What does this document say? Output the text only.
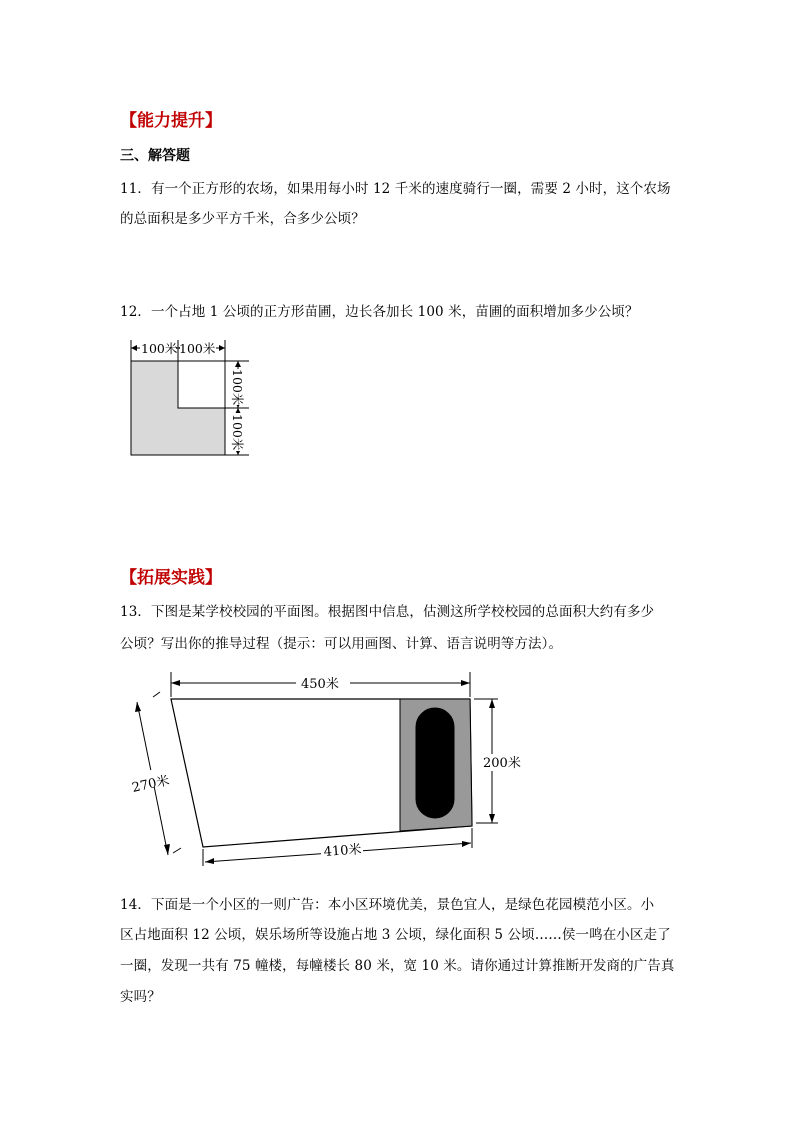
【能力提升】
三、解答题
11．有一个正方形的农场，如果用每小时 12 千米的速度骑行一圈，需要 2 小时，这个农场
的总面积是多少平方千米，合多少公顷？
12．一个占地 1 公顷的正方形苗圃，边长各加长 100 米，苗圃的面积增加多少公顷？
100米 100米
100米
100米
【拓展实践】
13．下图是某学校校园的平面图。根据图中信息，估测这所学校校园的总面积大约有多少
公顷？写出你的推导过程（提示：可以用画图、计算、语言说明等方法）。
450米
200米
270米
410米
14．下面是一个小区的一则广告：本小区环境优美，景色宜人，是绿色花园模范小区。小
区占地面积 12 公顷，娱乐场所等设施占地 3 公顷，绿化面积 5 公顷……侯一鸣在小区走了
一圈，发现一共有 75 幢楼，每幢楼长 80 米，宽 10 米。请你通过计算推断开发商的广告真
实吗？
